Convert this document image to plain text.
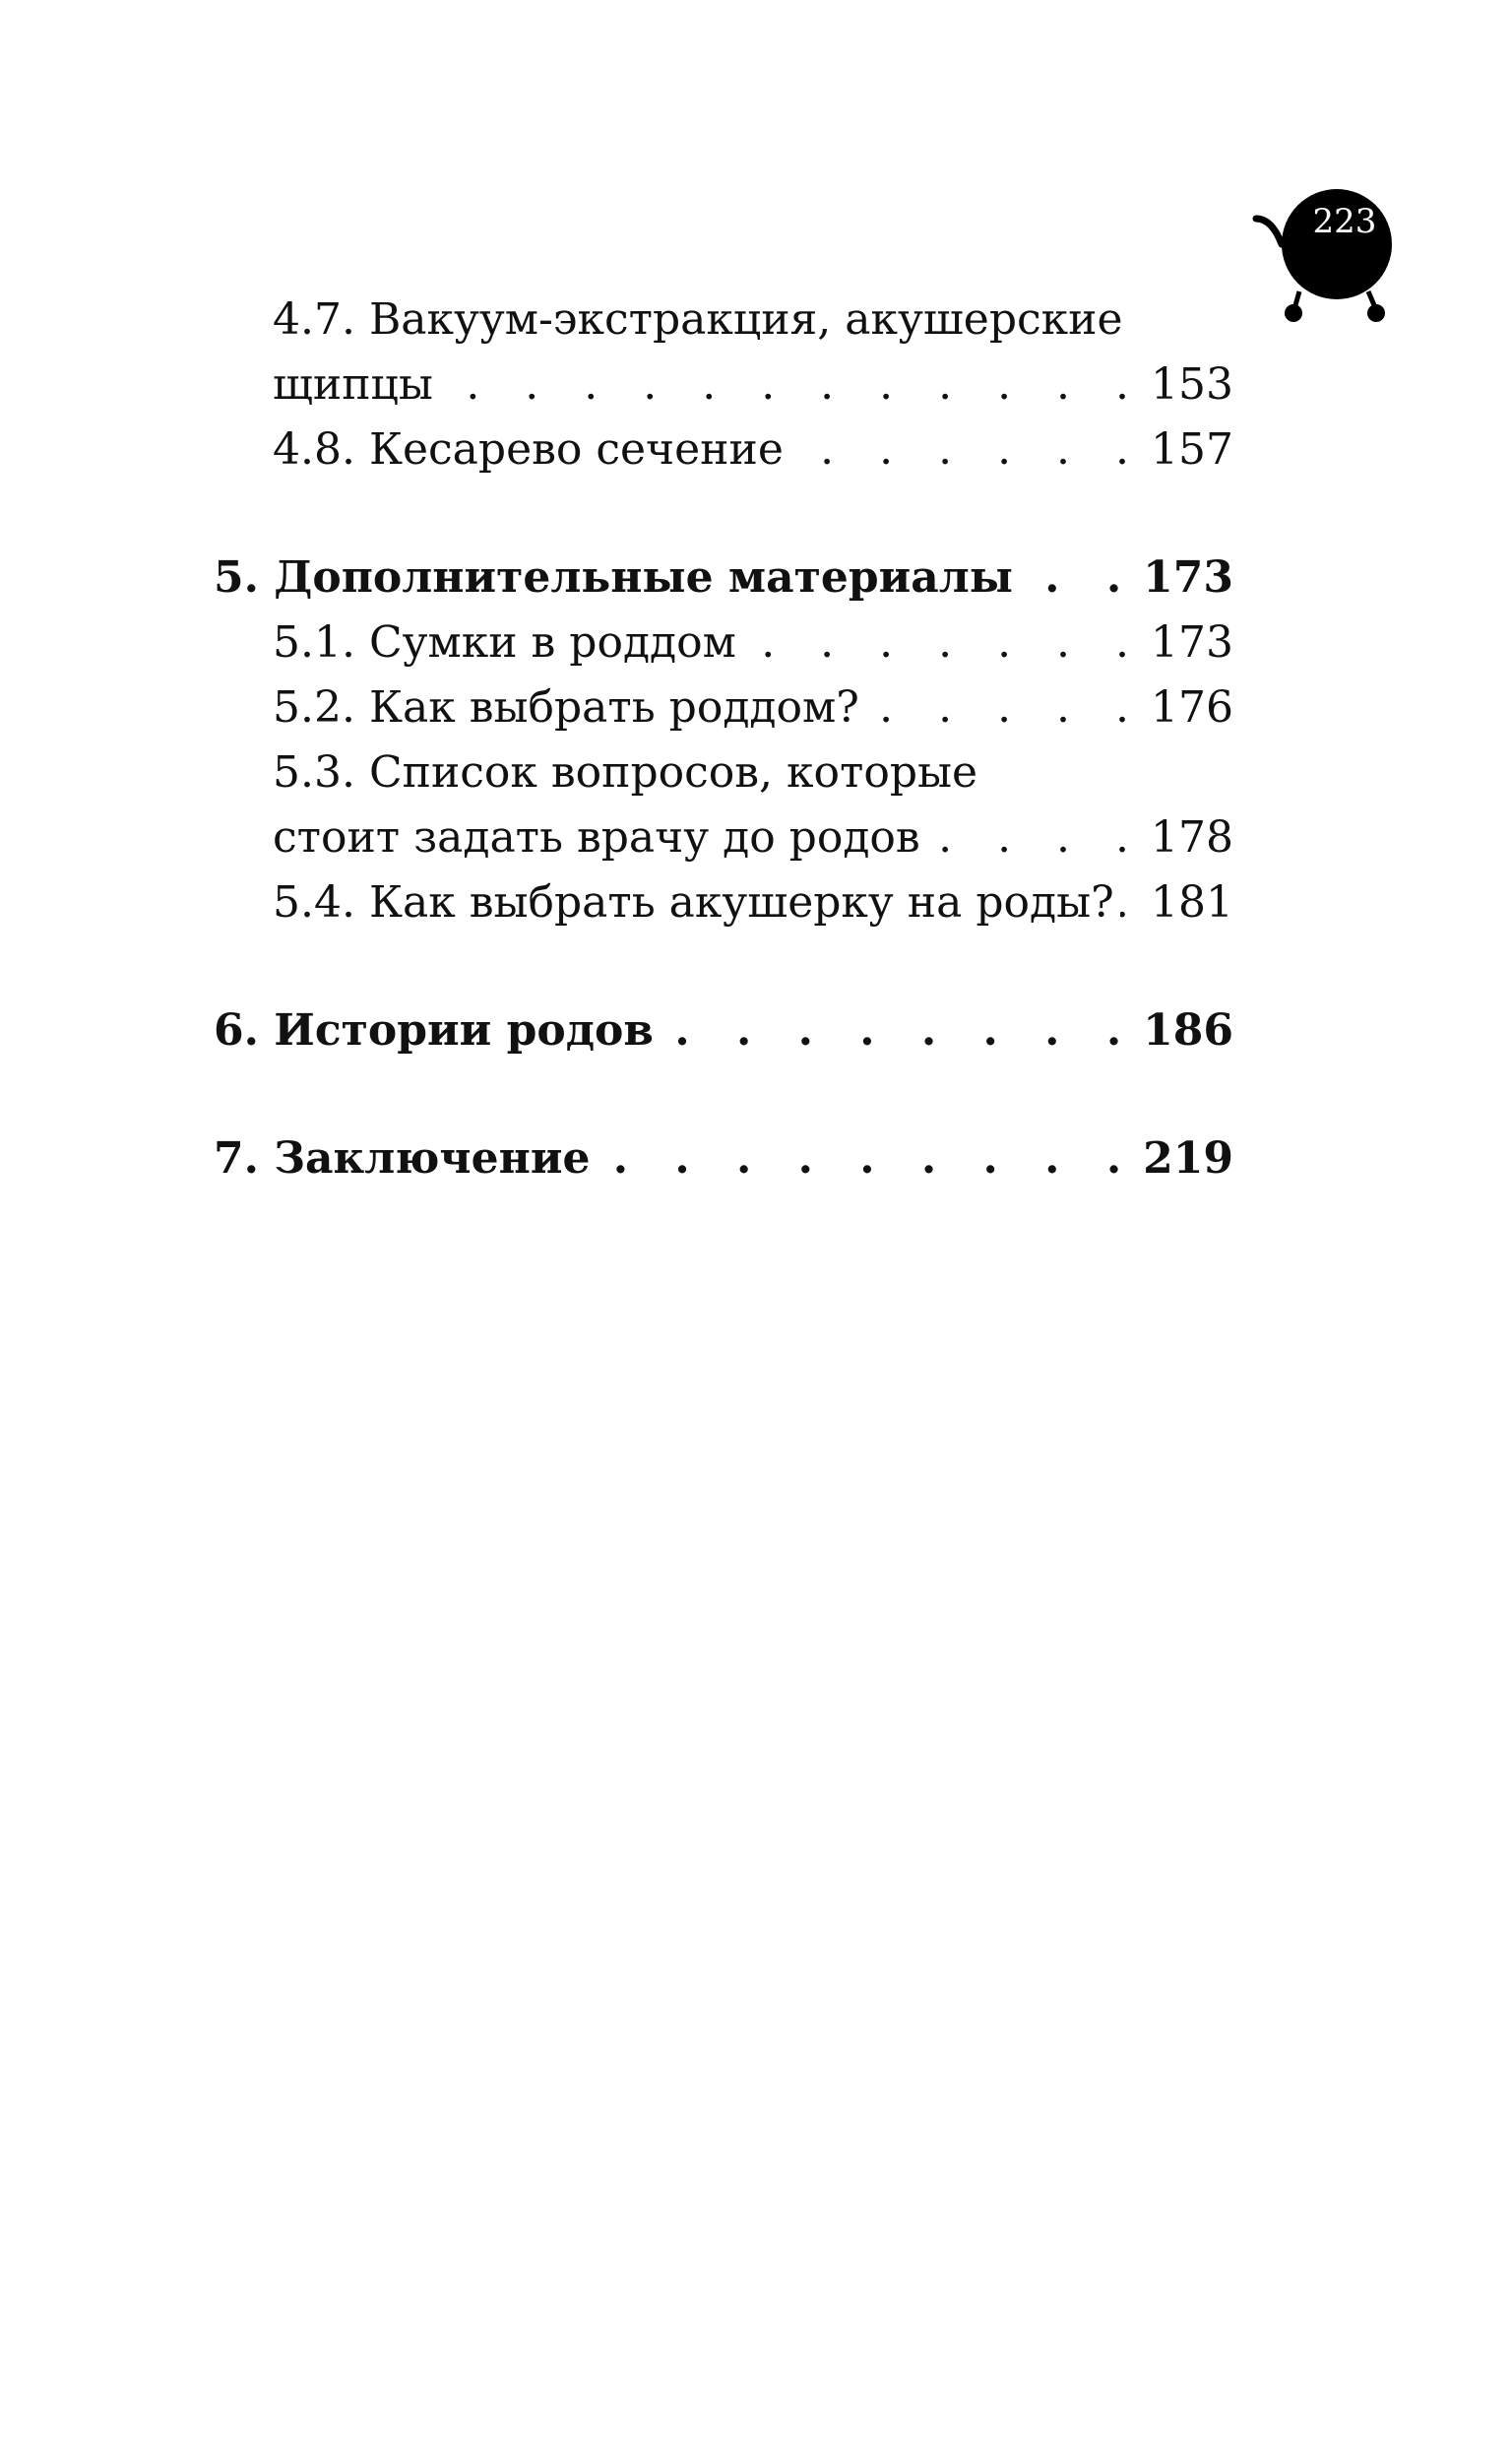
223
4.7. Вакуум-экстракция, акушерские
щипцы . . .	153
4.8. Кесарево сечение . . .	157
5. Дополнительные материалы . . .	173
5.1. Сумки в роддом . . .	173
5.2. Как выбрать роддом? . . .	176
5.3. Список вопросов, которые
стоит задать врачу до родов . . .	178
5.4. Как выбрать акушерку на роды? . . . 181
6. Истории родов . . .	186
7. Заключение . . .	219
